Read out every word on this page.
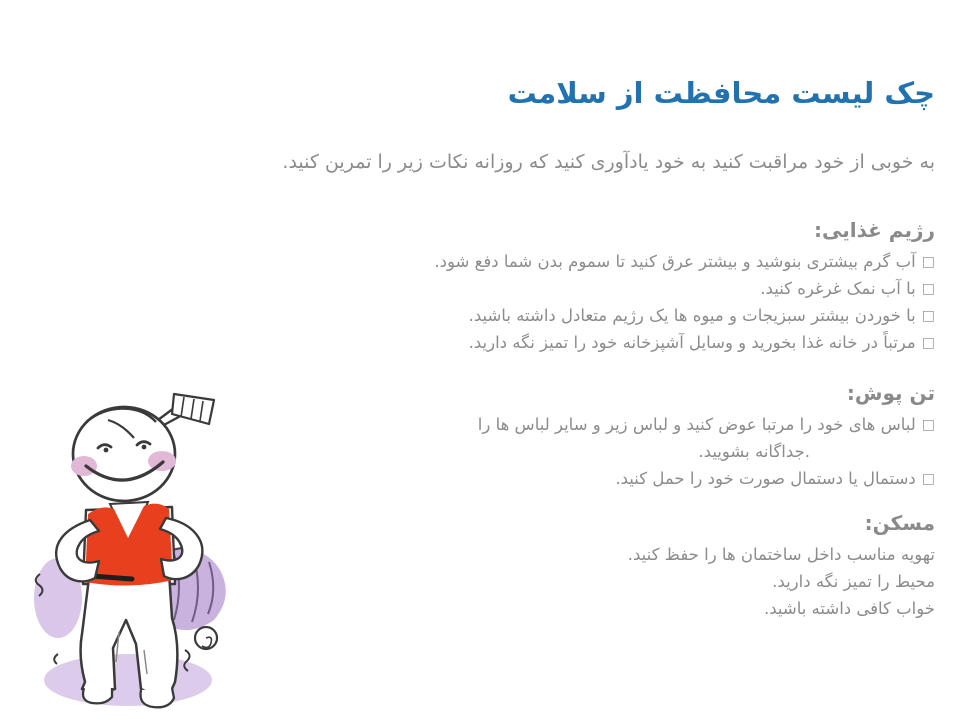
چک لیست محافظت از سلامت
به خوبی از خود مراقبت کنید به خود یادآوری کنید که روزانه نکات زیر را تمرین کنید.
رژیم غذایی:
□آب گرم بیشتری بنوشید و بیشتر عرق کنید تا سموم بدن شما دفع شود.
□با آب نمک غرغره کنید.
□با خوردن بیشتر سبزیجات و میوه ها یک رژیم متعادل داشته باشید.
□مرتباً در خانه غذا بخورید و وسایل آشپزخانه خود را تمیز نگه دارید.
تن پوش:
□لباس های خود را مرتبا عوض کنید و لباس زیر و سایر لباس ها را
.جداگانه بشویید.
□دستمال یا دستمال صورت خود را حمل کنید.
مسکن:
تهویه مناسب داخل ساختمان ها را حفظ کنید.
محیط را تمیز نگه دارید.
خواب کافی داشته باشید.
